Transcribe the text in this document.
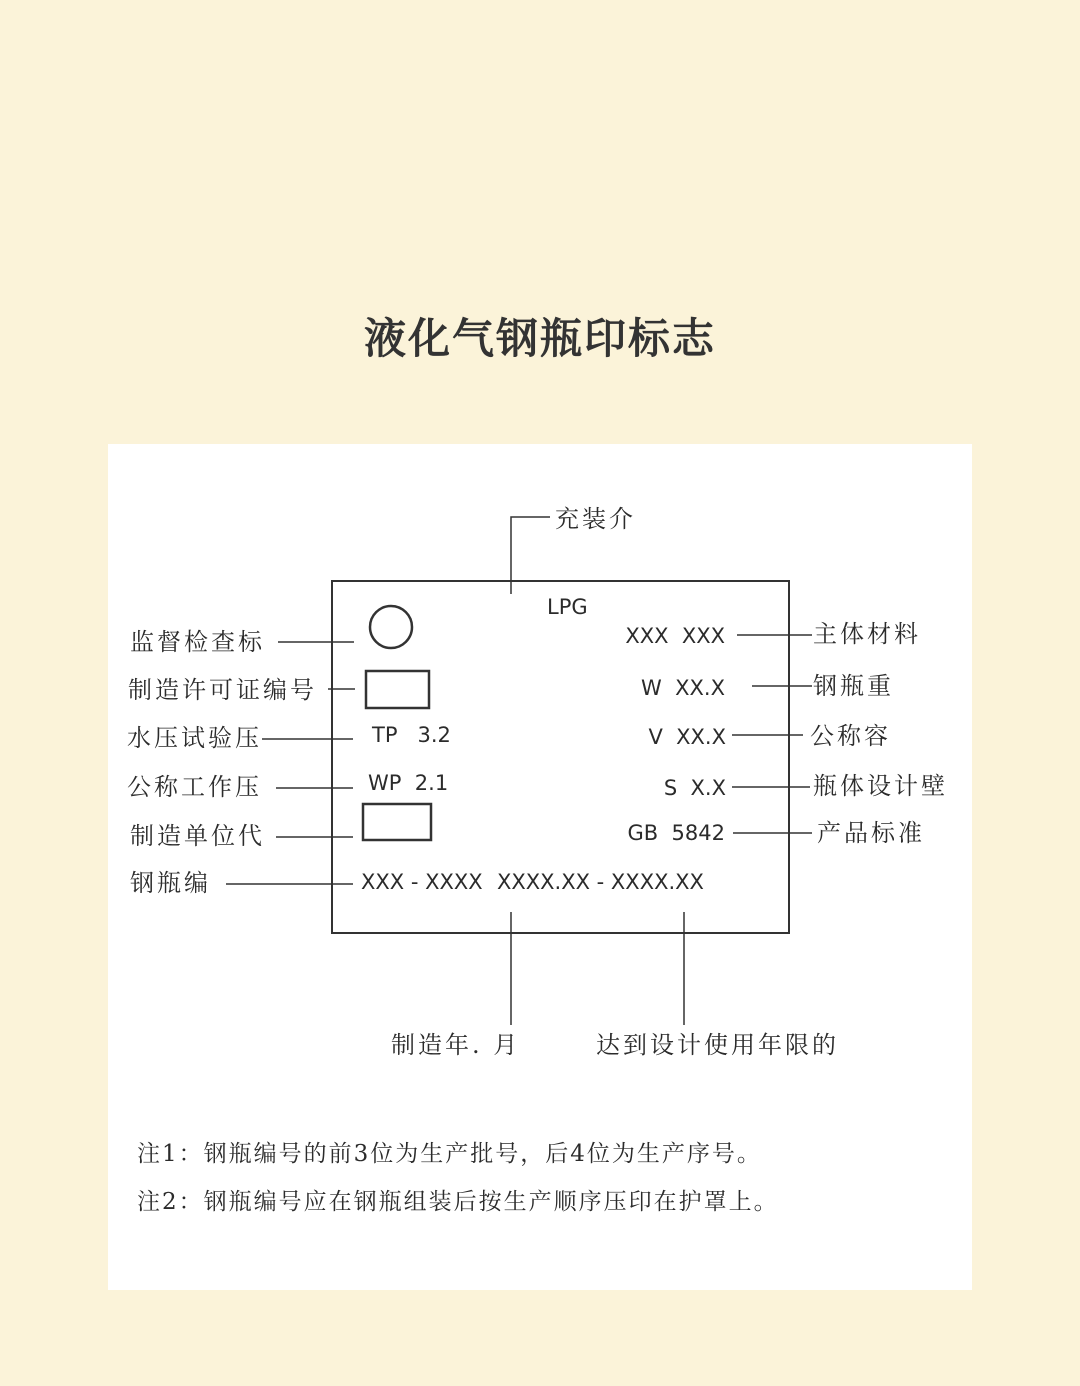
液化气钢瓶印标志
充装介
LPG
XXX  XXX
W  XX.X
V  XX.X
S  X.X
GB  5842
TP   3.2
WP  2.1
XXX - XXXX XXXX.XX - XXXX.XX
监督检查标
制造许可证编号
水压试验压
公称工作压
制造单位代
钢瓶编
主体材料
钢瓶重
公称容
瓶体设计壁
产品标准
制造年. 月	达到设计使用年限的
注1：钢瓶编号的前3位为生产批号，后4位为生产序号。
注2：钢瓶编号应在钢瓶组装后按生产顺序压印在护罩上。
